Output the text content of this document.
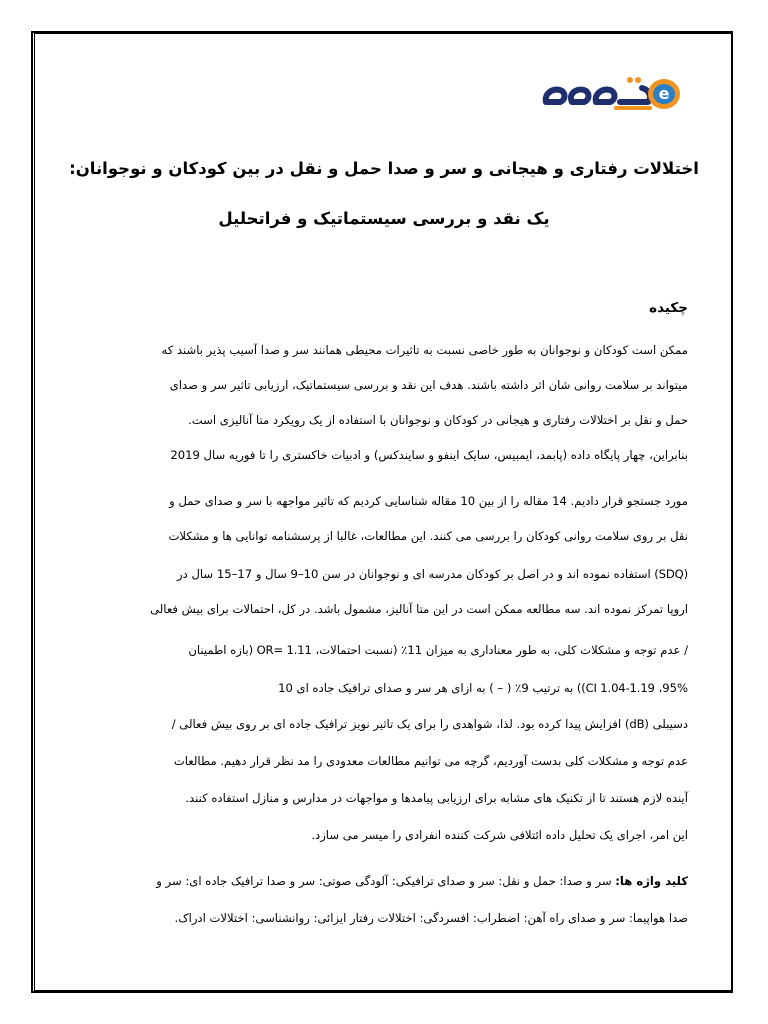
e
اختلالات رفتاری و هیجانی و سر و صدا حمل و نقل در بین کودکان و نوجوانان:
یک نقد و بررسی سیستماتیک و فراتحلیل
چکیده
ممکن است کودکان و نوجوانان به طور خاصی نسبت به تاثیرات محیطی همانند سر و صدا آسیب پذیر باشند که
میتواند بر سلامت روانی شان اثر داشته باشند. هدف این نقد و بررسی سیستماتیک، ارزیابی تاثیر سر و صدای
حمل و نقل بر اختلالات رفتاری و هیجانی در کودکان و نوجوانان با استفاده از یک رویکرد متا آنالیزی است.
بنابراین، چهار پایگاه داده (پابمد، ایمبیس، سایک اینفو و سایندکس) و ادبیات خاکستری را تا فوریه سال 2019
مورد جستجو قرار دادیم. 14 مقاله را از بین 10 مقاله شناسایی کردیم که تاثیر مواجهه با سر و صدای حمل و
نقل بر روی سلامت روانی کودکان را بررسی می کنند. این مطالعات، غالبا از پرسشنامه توانایی ها و مشکلات
(SDQ) استفاده نموده اند و در اصل بر کودکان مدرسه ای و نوجوانان در سن 10–9 سال و 17–15 سال در
اروپا تمرکز نموده اند. سه مطالعه ممکن است در این متا آنالیز، مشمول باشد. در کل، احتمالات برای بیش فعالی
/ عدم توجه و مشکلات کلی، به طور معناداری به میزان 11٪ (نسبت احتمالات، OR= 1.11 (بازه اطمینان
95%، CI 1.04-1.19)) به ترتیب 9٪ ( – ) به ازای هر سر و صدای ترافیک جاده ای 10
دسیبلی (dB) افزایش پیدا کرده بود. لذا، شواهدی را برای یک تاثیر نویز ترافیک جاده ای بر روی بیش فعالی /
عدم توجه و مشکلات کلی بدست آوردیم، گرچه می توانیم مطالعات معدودی را مد نظر قرار دهیم. مطالعات
آینده لازم هستند تا از تکنیک های مشابه برای ارزیابی پیامدها و مواجهات در مدارس و منازل استفاده کنند.
این امر، اجرای یک تحلیل داده ائتلافی شرکت کننده انفرادی را میسر می سازد.
کلید واژه ها: سر و صدا: حمل و نقل: سر و صدای ترافیکی: آلودگی صوتی: سر و صدا ترافیک جاده ای: سر و
صدا هواپیما: سر و صدای راه آهن: اضطراب: افسردگی: اختلالات رفتار ایزائی: روانشناسی: اختلالات ادراک.
